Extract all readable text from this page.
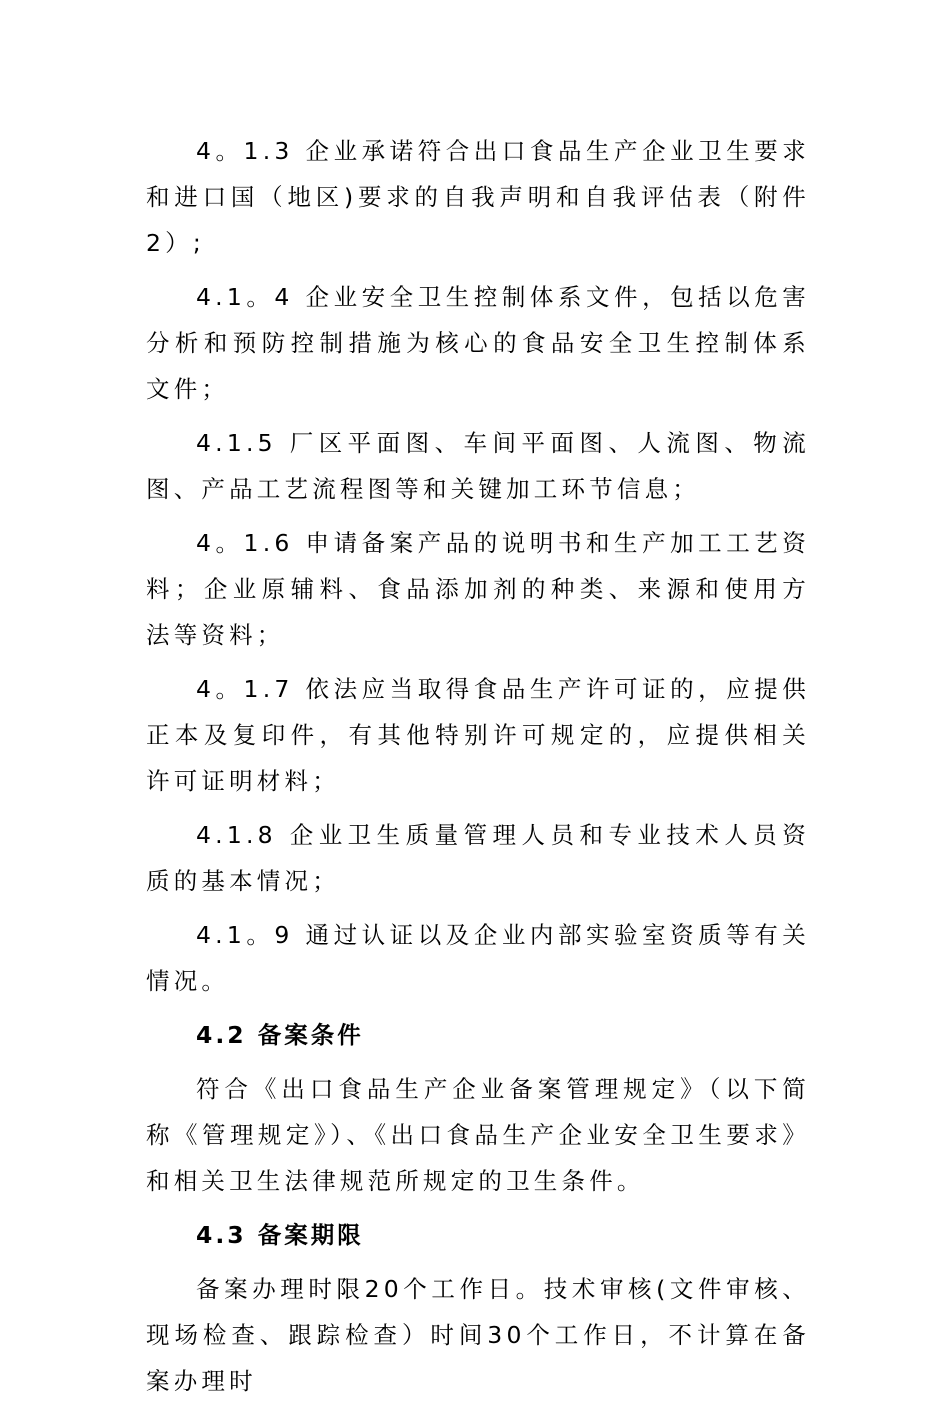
4。1.3 企业承诺符合出口食品生产企业卫生要求和进口国（地区)要求的自我声明和自我评估表（附件2）;

4.1。4 企业安全卫生控制体系文件，包括以危害分析和预防控制措施为核心的食品安全卫生控制体系文件；

4.1.5 厂区平面图、车间平面图、人流图、物流图、产品工艺流程图等和关键加工环节信息；

4。1.6 申请备案产品的说明书和生产加工工艺资料；企业原辅料、食品添加剂的种类、来源和使用方法等资料；

4。1.7 依法应当取得食品生产许可证的，应提供正本及复印件，有其他特别许可规定的，应提供相关许可证明材料；

4.1.8 企业卫生质量管理人员和专业技术人员资质的基本情况；

4.1。9 通过认证以及企业内部实验室资质等有关情况。

4.2 备案条件

符合《出口食品生产企业备案管理规定》（以下简称《管理规定》）、《出口食品生产企业安全卫生要求》和相关卫生法律规范所规定的卫生条件。

4.3 备案期限

备案办理时限20个工作日。技术审核(文件审核、现场检查、跟踪检查）时间30个工作日，不计算在备案办理时
